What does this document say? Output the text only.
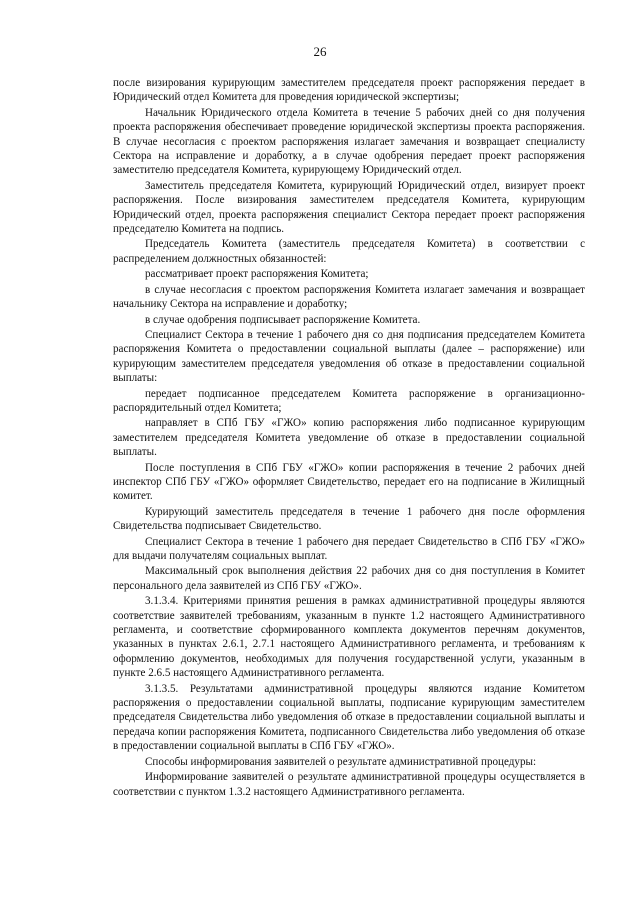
26

после визирования курирующим заместителем председателя проект распоряжения передает в Юридический отдел Комитета для проведения юридической экспертизы;

Начальник Юридического отдела Комитета в течение 5 рабочих дней со дня получения проекта распоряжения обеспечивает проведение юридической экспертизы проекта распоряжения. В случае несогласия с проектом распоряжения излагает замечания и возвращает специалисту Сектора на исправление и доработку, а в случае одобрения передает проект распоряжения заместителю председателя Комитета, курирующему Юридический отдел.

Заместитель председателя Комитета, курирующий Юридический отдел, визирует проект распоряжения. После визирования заместителем председателя Комитета, курирующим Юридический отдел, проекта распоряжения специалист Сектора передает проект распоряжения председателю Комитета на подпись.

Председатель Комитета (заместитель председателя Комитета) в соответствии с распределением должностных обязанностей:

рассматривает проект распоряжения Комитета;

в случае несогласия с проектом распоряжения Комитета излагает замечания и возвращает начальнику Сектора на исправление и доработку;

в случае одобрения подписывает распоряжение Комитета.

Специалист Сектора в течение 1 рабочего дня со дня подписания председателем Комитета распоряжения Комитета о предоставлении социальной выплаты (далее – распоряжение) или курирующим заместителем председателя уведомления об отказе в предоставлении социальной выплаты:

передает подписанное председателем Комитета распоряжение в организационно-распорядительный отдел Комитета;

направляет в СПб ГБУ «ГЖО» копию распоряжения либо подписанное курирующим заместителем председателя Комитета уведомление об отказе в предоставлении социальной выплаты.

После поступления в СПб ГБУ «ГЖО» копии распоряжения в течение 2 рабочих дней инспектор СПб ГБУ «ГЖО» оформляет Свидетельство, передает его на подписание в Жилищный комитет.

Курирующий заместитель председателя в течение 1 рабочего дня после оформления Свидетельства подписывает Свидетельство.

Специалист Сектора в течение 1 рабочего дня передает Свидетельство в СПб ГБУ «ГЖО» для выдачи получателям социальных выплат.

Максимальный срок выполнения действия 22 рабочих дня со дня поступления в Комитет персонального дела заявителей из СПб ГБУ «ГЖО».

3.1.3.4. Критериями принятия решения в рамках административной процедуры являются соответствие заявителей требованиям, указанным в пункте 1.2 настоящего Административного регламента, и соответствие сформированного комплекта документов перечням документов, указанных в пунктах 2.6.1, 2.7.1 настоящего Административного регламента, и требованиям к оформлению документов, необходимых для получения государственной услуги, указанным в пункте 2.6.5 настоящего Административного регламента.

3.1.3.5. Результатами административной процедуры являются издание Комитетом распоряжения о предоставлении социальной выплаты, подписание курирующим заместителем председателя Свидетельства либо уведомления об отказе в предоставлении социальной выплаты и передача копии распоряжения Комитета, подписанного Свидетельства либо уведомления об отказе в предоставлении социальной выплаты в СПб ГБУ «ГЖО».

Способы информирования заявителей о результате административной процедуры:

Информирование заявителей о результате административной процедуры осуществляется в соответствии с пунктом 1.3.2 настоящего Административного регламента.
